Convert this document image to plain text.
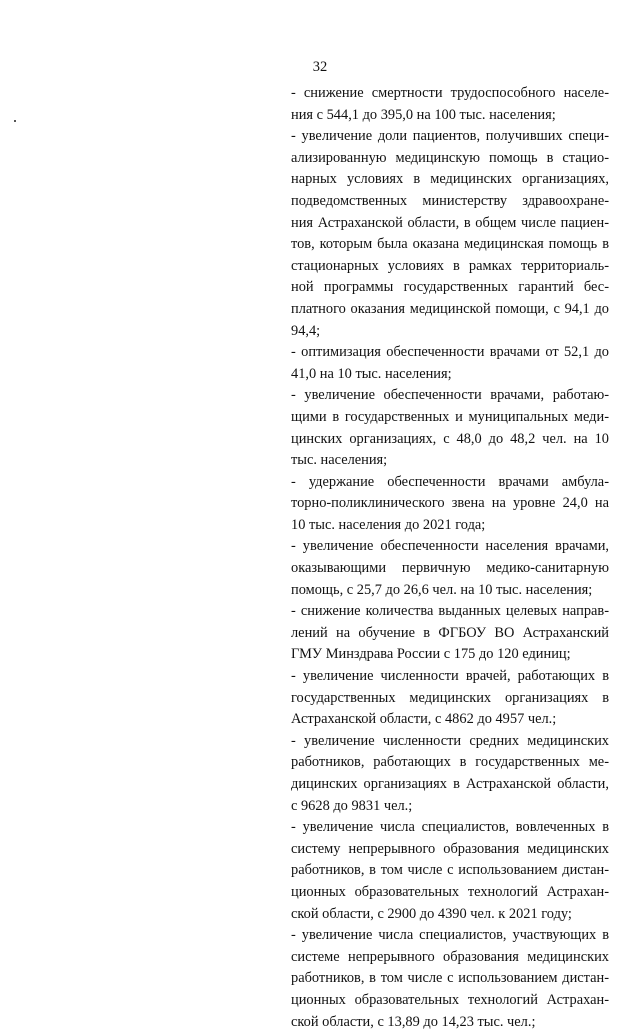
32
- снижение смертности трудоспособного населе-
ния с 544,1 до 395,0 на 100 тыс. населения;
- увеличение доли пациентов, получивших специ-
ализированную медицинскую помощь в стацио-
нарных условиях в медицинских организациях,
подведомственных министерству здравоохране-
ния Астраханской области, в общем числе пациен-
тов, которым была оказана медицинская помощь в
стационарных условиях в рамках территориаль-
ной программы государственных гарантий бес-
платного оказания медицинской помощи, с 94,1 до
94,4;
- оптимизация обеспеченности врачами от 52,1 до
41,0 на 10 тыс. населения;
- увеличение обеспеченности врачами, работаю-
щими в государственных и муниципальных меди-
цинских организациях, с 48,0 до 48,2 чел. на 10
тыс. населения;
- удержание обеспеченности врачами амбула-
торно-поликлинического звена на уровне 24,0 на
10 тыс. населения до 2021 года;
- увеличение обеспеченности населения врачами,
оказывающими первичную медико-санитарную
помощь, с 25,7 до 26,6 чел. на 10 тыс. населения;
- снижение количества выданных целевых направ-
лений на обучение в ФГБОУ ВО Астраханский
ГМУ Минздрава России с 175 до 120 единиц;
- увеличение численности врачей, работающих в
государственных медицинских организациях в
Астраханской области, с 4862 до 4957 чел.;
- увеличение численности средних медицинских
работников, работающих в государственных ме-
дицинских организациях в Астраханской области,
с 9628 до 9831 чел.;
- увеличение числа специалистов, вовлеченных в
систему непрерывного образования медицинских
работников, в том числе с использованием дистан-
ционных образовательных технологий Астрахан-
ской области, с 2900 до 4390 чел. к 2021 году;
- увеличение числа специалистов, участвующих в
системе непрерывного образования медицинских
работников, в том числе с использованием дистан-
ционных образовательных технологий Астрахан-
ской области, с 13,89 до 14,23 тыс. чел.;
